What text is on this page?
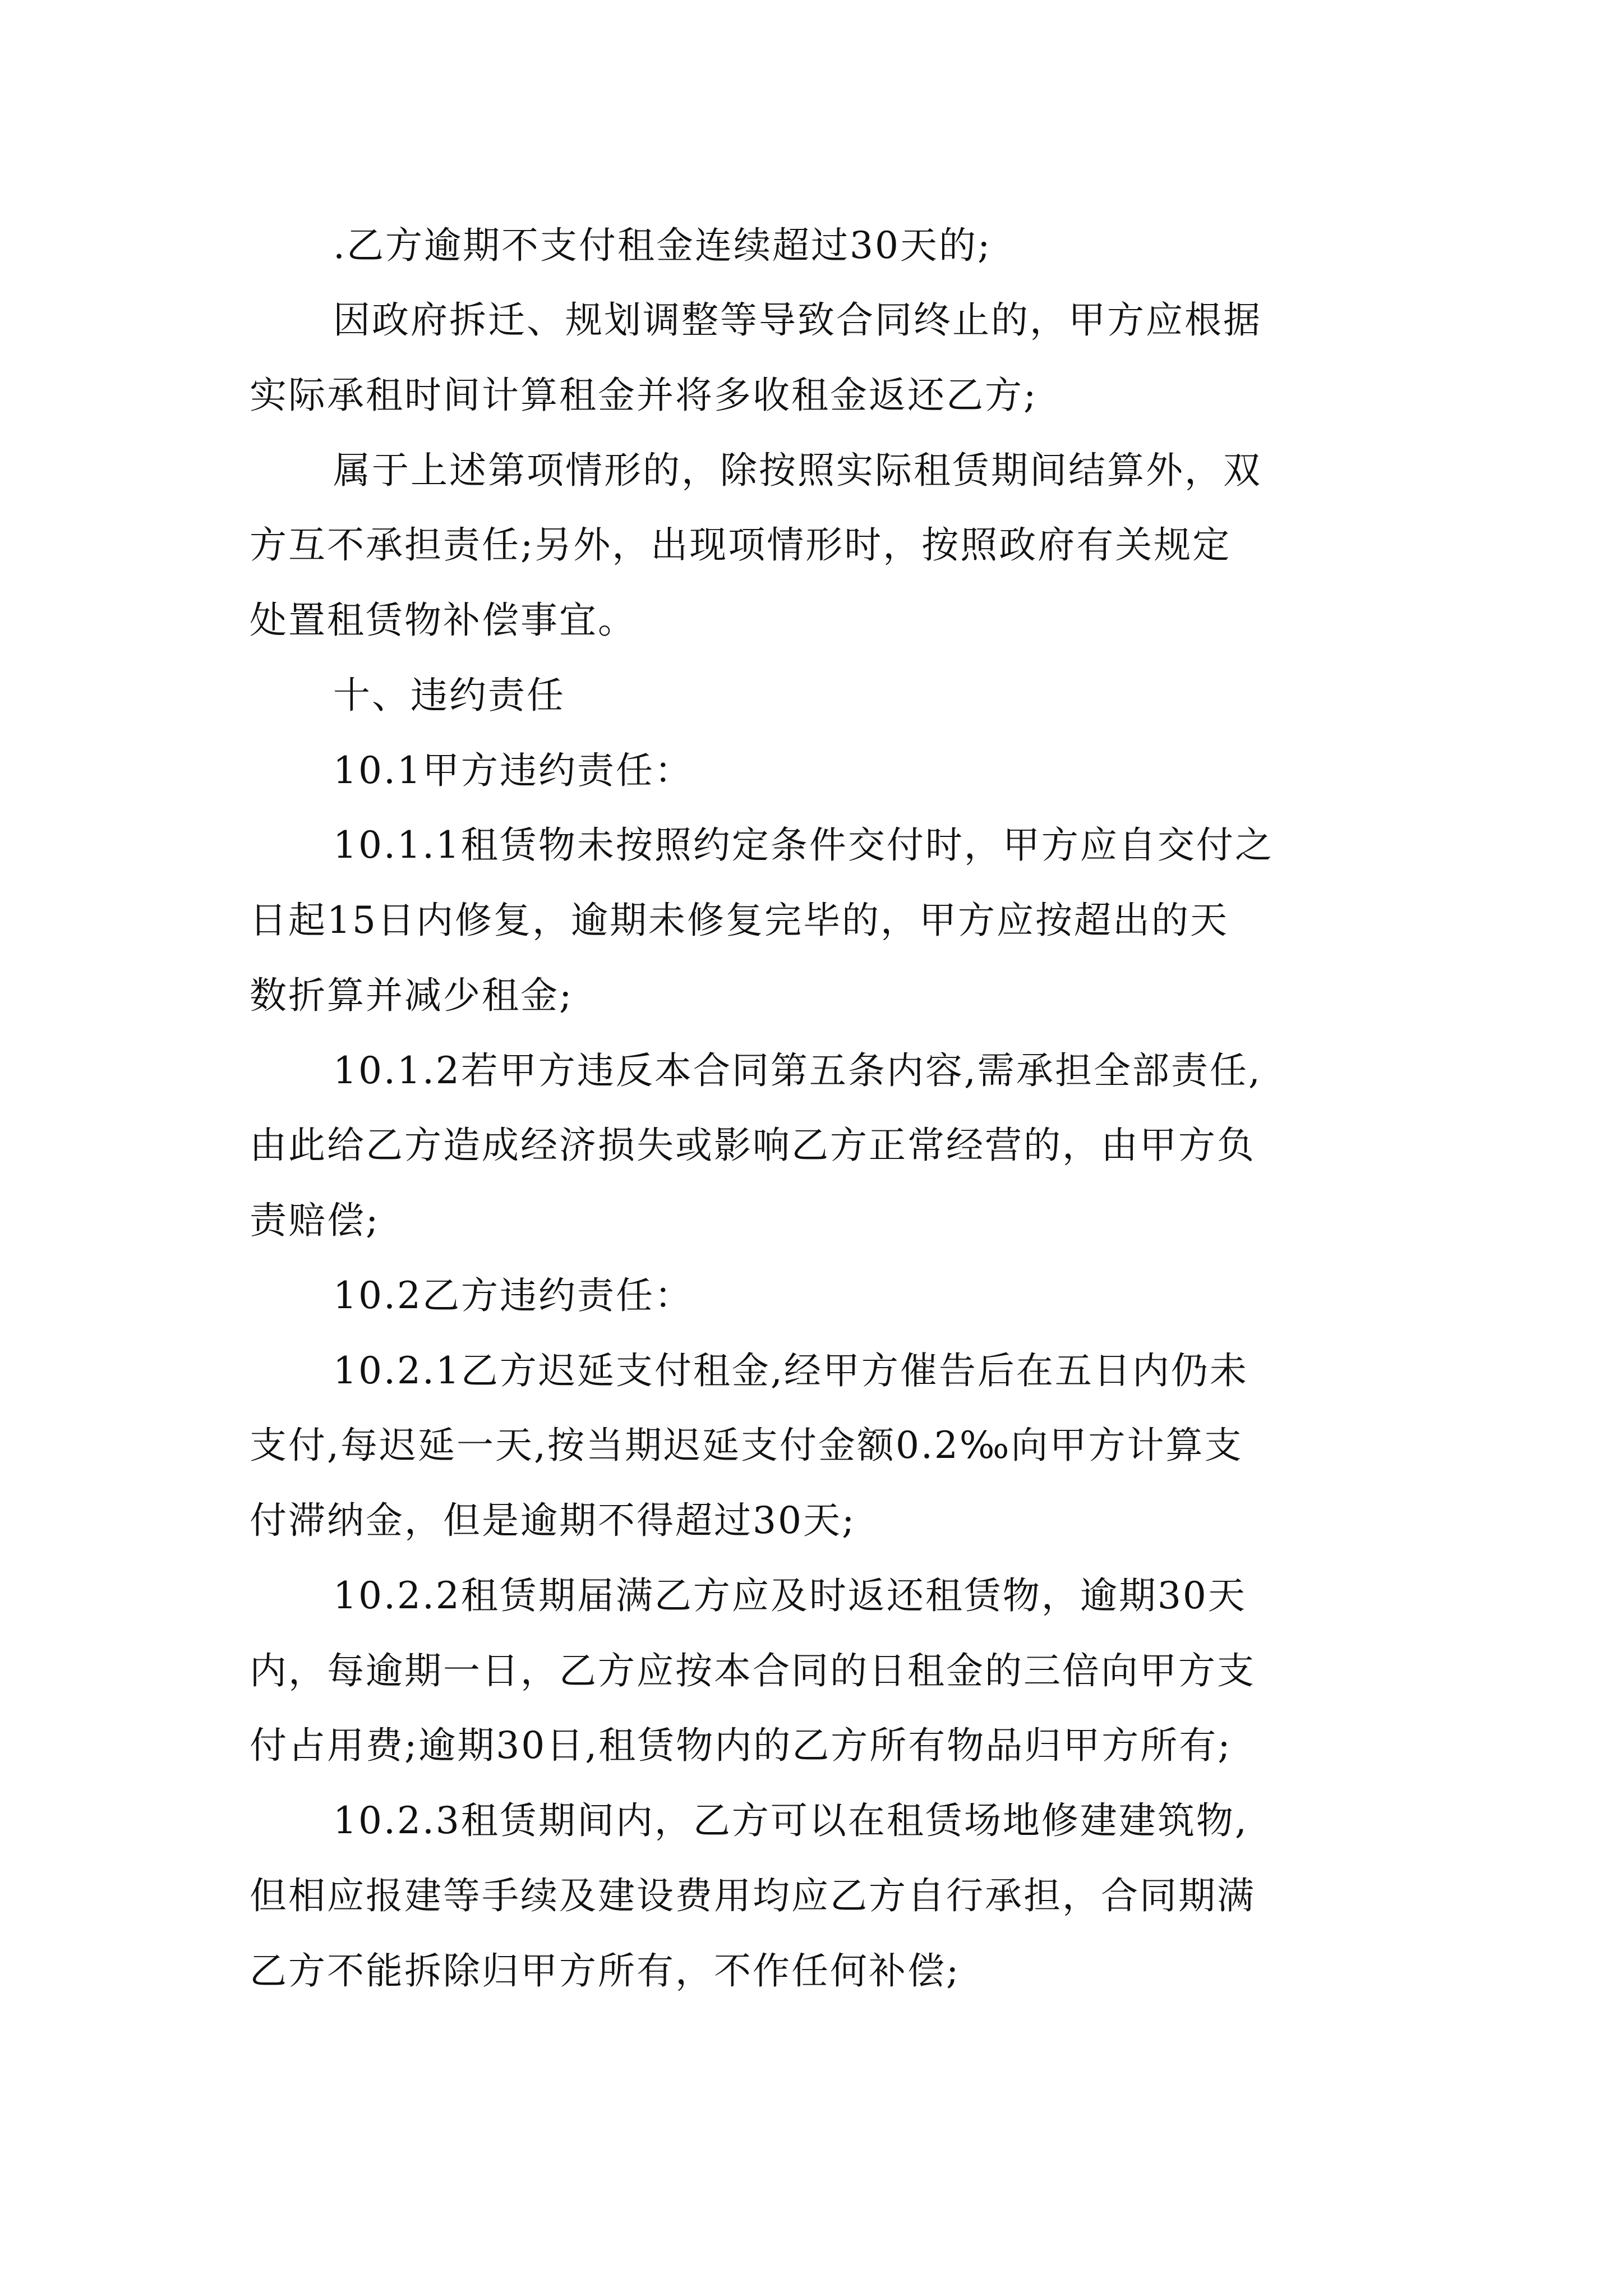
.乙方逾期不支付租金连续超过30天的;
因政府拆迁、规划调整等导致合同终止的，甲方应根据
实际承租时间计算租金并将多收租金返还乙方;
属于上述第项情形的，除按照实际租赁期间结算外，双
方互不承担责任;另外，出现项情形时，按照政府有关规定
处置租赁物补偿事宜。
十、违约责任
10.1甲方违约责任：
10.1.1租赁物未按照约定条件交付时，甲方应自交付之
日起15日内修复，逾期未修复完毕的，甲方应按超出的天
数折算并减少租金;
10.1.2若甲方违反本合同第五条内容,需承担全部责任,
由此给乙方造成经济损失或影响乙方正常经营的，由甲方负
责赔偿;
10.2乙方违约责任：
10.2.1乙方迟延支付租金,经甲方催告后在五日内仍未
支付,每迟延一天,按当期迟延支付金额0.2‰向甲方计算支
付滞纳金，但是逾期不得超过30天;
10.2.2租赁期届满乙方应及时返还租赁物，逾期30天
内，每逾期一日，乙方应按本合同的日租金的三倍向甲方支
付占用费;逾期30日,租赁物内的乙方所有物品归甲方所有;
10.2.3租赁期间内，乙方可以在租赁场地修建建筑物,
但相应报建等手续及建设费用均应乙方自行承担，合同期满
乙方不能拆除归甲方所有，不作任何补偿;
